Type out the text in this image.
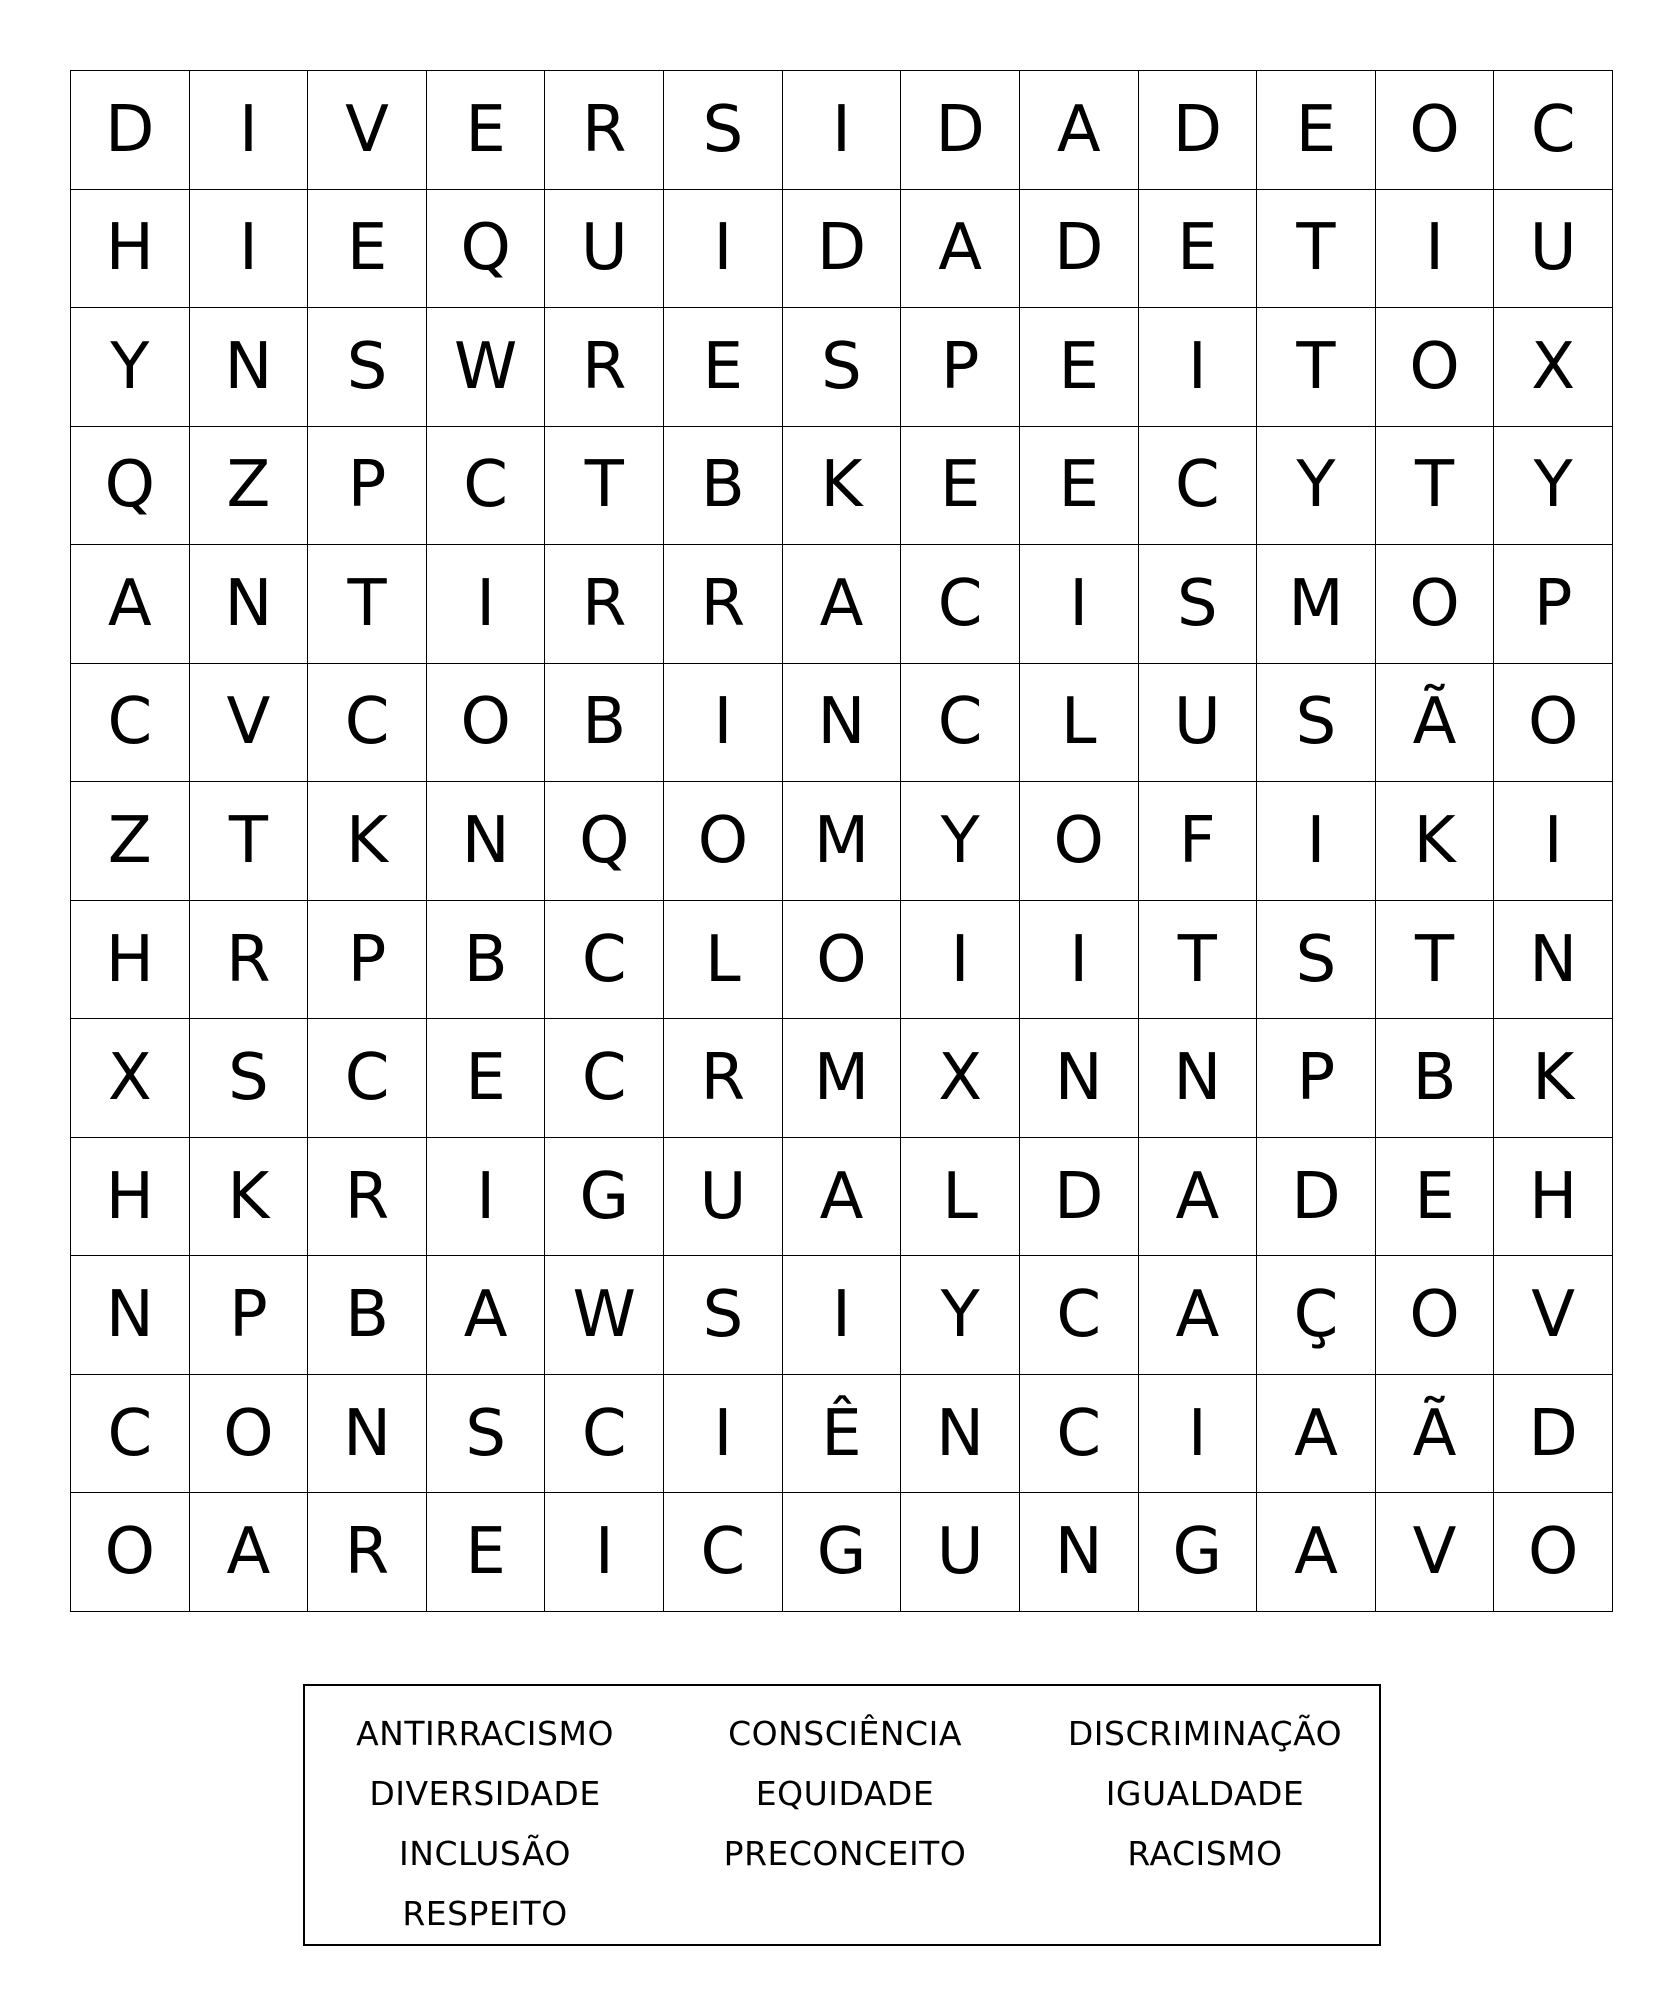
D	I	V	E	R	S	I	D	A	D	E	O	C
H	I	E	Q	U	I	D	A	D	E	T	I	U
Y	N	S	W	R	E	S	P	E	I	T	O	X
Q	Z	P	C	T	B	K	E	E	C	Y	T	Y
A	N	T	I	R	R	A	C	I	S	M	O	P
C	V	C	O	B	I	N	C	L	U	S	Ã	O
Z	T	K	N	Q	O	M	Y	O	F	I	K	I
H	R	P	B	C	L	O	I	I	T	S	T	N
X	S	C	E	C	R	M	X	N	N	P	B	K
H	K	R	I	G	U	A	L	D	A	D	E	H
N	P	B	A	W	S	I	Y	C	A	Ç	O	V
C	O	N	S	C	I	Ê	N	C	I	A	Ã	D
O	A	R	E	I	C	G	U	N	G	A	V	O
ANTIRRACISMO
DIVERSIDADE
INCLUSÃO
RESPEITO
CONSCIÊNCIA
EQUIDADE
PRECONCEITO
DISCRIMINAÇÃO
IGUALDADE
RACISMO
